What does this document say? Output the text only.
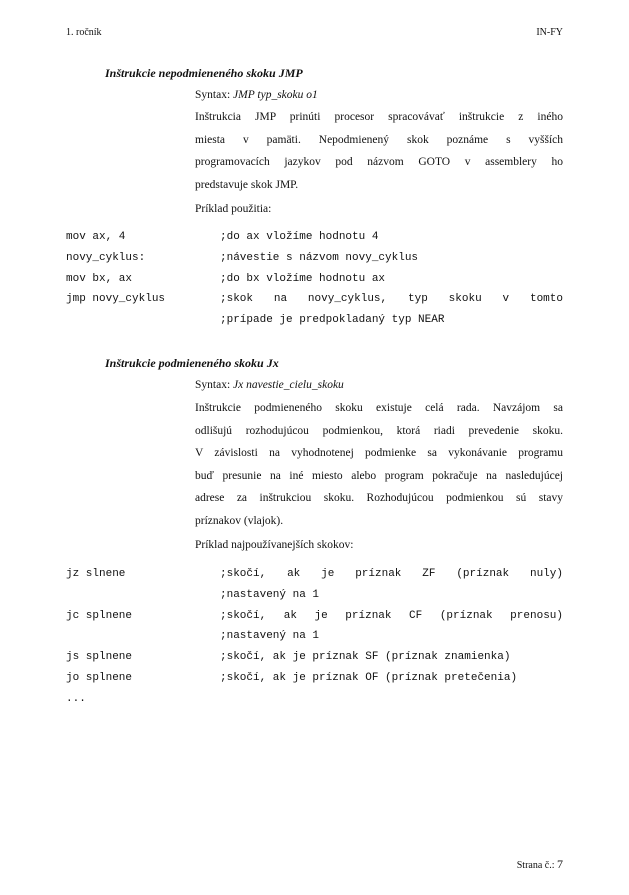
1. ročník	IN-FY
Inštrukcie nepodmieneného skoku JMP
Syntax: JMP typ_skoku o1
Inštrukcia JMP prinúti procesor spracovávať inštrukcie z iného
miesta v pamäti. Nepodmienený skok poznáme s vyšších
programovacích jazykov pod názvom GOTO v assemblery ho
predstavuje skok JMP.
Príklad použitia:
mov ax, 4	;do ax vložíme hodnotu 4
novy_cyklus:	;návestie s názvom novy_cyklus
mov bx, ax	;do bx vložíme hodnotu ax
jmp novy_cyklus	;skok na novy_cyklus, typ skoku v tomto
;prípade je predpokladaný typ NEAR
Inštrukcie podmieneného skoku Jx
Syntax: Jx navestie_cielu_skoku
Inštrukcie podmieneného skoku existuje celá rada. Navzájom sa
odlišujú rozhodujúcou podmienkou, ktorá riadi prevedenie skoku.
V závislosti na vyhodnotenej podmienke sa vykonávanie programu
buď presunie na iné miesto alebo program pokračuje na nasledujúcej
adrese za inštrukciou skoku. Rozhodujúcou podmienkou sú stavy
príznakov (vlajok).
Príklad najpoužívanejších skokov:
jz slnene	;skočí, ak je príznak ZF (príznak nuly)
;nastavený na 1
jc splnene	;skočí, ak je príznak CF (príznak prenosu)
;nastavený na 1
js splnene	;skočí, ak je príznak SF (príznak znamienka)
jo splnene	;skočí, ak je príznak OF (príznak pretečenia)
...
Strana č.: 7
